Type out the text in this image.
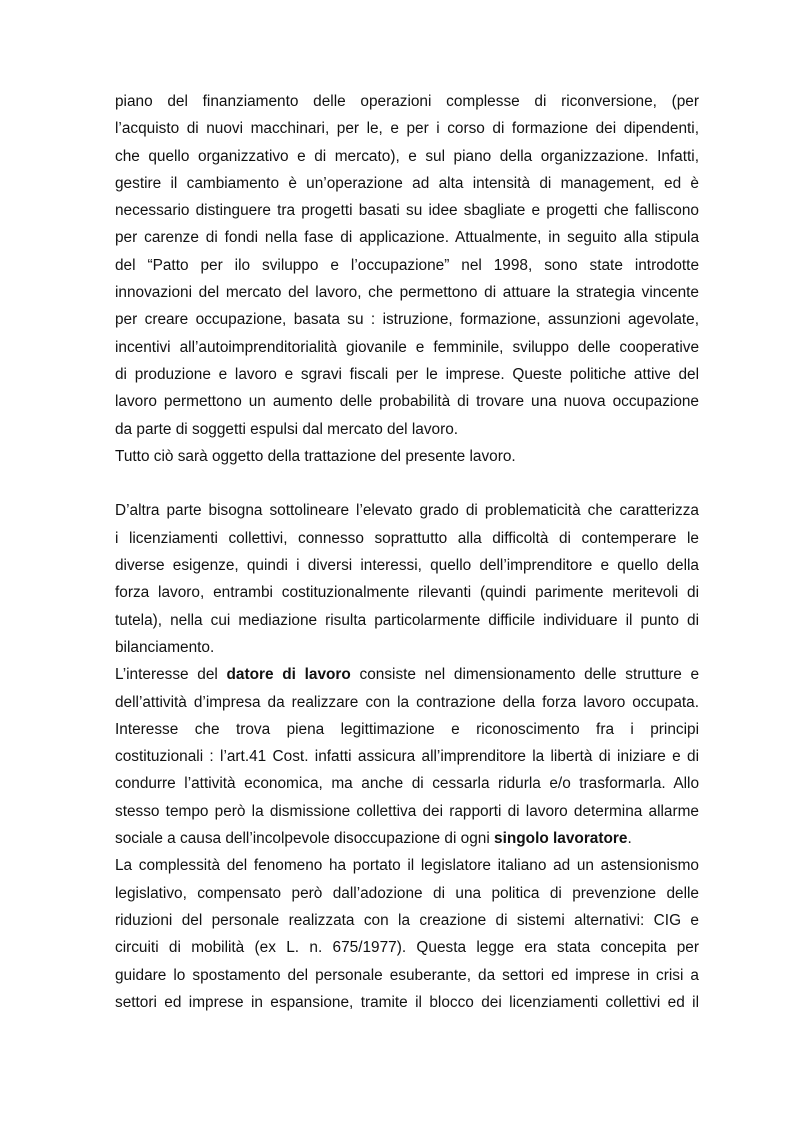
piano del finanziamento delle operazioni complesse di riconversione, (per
l’acquisto di nuovi macchinari, per le, e per i corso di formazione dei dipendenti,
che quello organizzativo e di mercato), e sul piano della organizzazione. Infatti,
gestire il cambiamento è un’operazione ad alta intensità di management, ed è
necessario distinguere tra progetti basati su idee sbagliate e progetti che falliscono
per carenze di fondi nella fase di applicazione. Attualmente, in seguito alla stipula
del “Patto per ilo sviluppo e l’occupazione” nel 1998, sono state introdotte
innovazioni del mercato del lavoro, che permettono di attuare la strategia vincente
per creare occupazione, basata su : istruzione, formazione, assunzioni agevolate,
incentivi all’autoimprenditorialità giovanile e femminile, sviluppo delle cooperative
di produzione e lavoro e sgravi fiscali per le imprese. Queste politiche attive del
lavoro permettono un aumento delle probabilità di trovare una nuova occupazione
da parte di soggetti espulsi dal mercato del lavoro.
Tutto ciò sarà oggetto della trattazione del presente lavoro.
D’altra parte bisogna sottolineare l’elevato grado di problematicità che caratterizza
i licenziamenti collettivi, connesso soprattutto alla difficoltà di contemperare le
diverse esigenze, quindi i diversi interessi, quello dell’imprenditore e quello della
forza lavoro, entrambi costituzionalmente rilevanti (quindi parimente meritevoli di
tutela), nella cui mediazione risulta particolarmente difficile individuare il punto di
bilanciamento.
L’interesse del datore di lavoro consiste nel dimensionamento delle strutture e
dell’attività d’impresa da realizzare con la contrazione della forza lavoro occupata.
Interesse che trova piena legittimazione e riconoscimento fra i principi
costituzionali : l’art.41 Cost. infatti assicura all’imprenditore la libertà di iniziare e di
condurre l’attività economica, ma anche di cessarla ridurla e/o trasformarla. Allo
stesso tempo però la dismissione collettiva dei rapporti di lavoro determina allarme
sociale a causa dell’incolpevole disoccupazione di ogni singolo lavoratore.
La complessità del fenomeno ha portato il legislatore italiano ad un astensionismo
legislativo, compensato però dall’adozione di una politica di prevenzione delle
riduzioni del personale realizzata con la creazione di sistemi alternativi: CIG e
circuiti di mobilità (ex L. n. 675/1977). Questa legge era stata concepita per
guidare lo spostamento del personale esuberante, da settori ed imprese in crisi a
settori ed imprese in espansione, tramite il blocco dei licenziamenti collettivi ed il
